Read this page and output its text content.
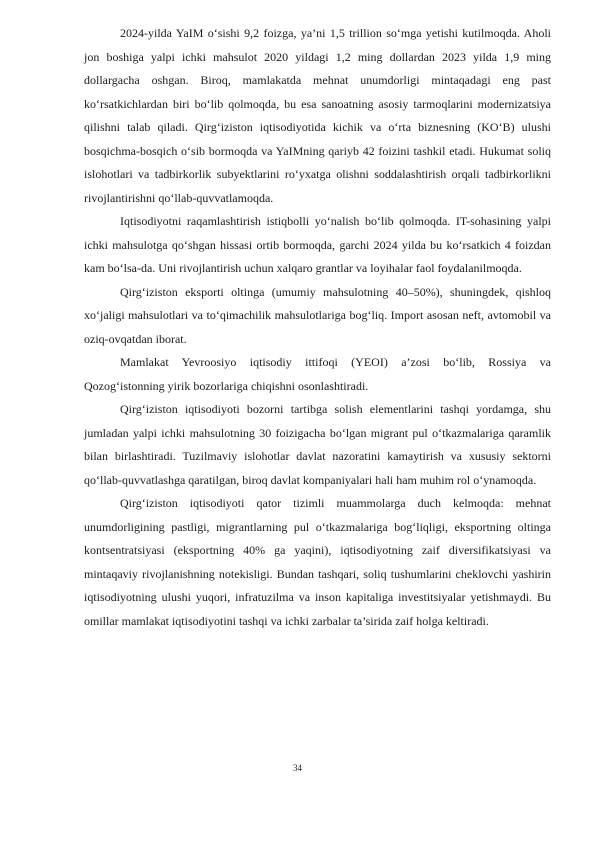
2024-yilda YaIM o‘sishi 9,2 foizga, ya’ni 1,5 trillion so‘mga yetishi kutilmoqda. Aholi jon boshiga yalpi ichki mahsulot 2020 yildagi 1,2 ming dollardan 2023 yilda 1,9 ming dollargacha oshgan. Biroq, mamlakatda mehnat unumdorligi mintaqadagi eng past ko‘rsatkichlardan biri bo‘lib qolmoqda, bu esa sanoatning asosiy tarmoqlarini modernizatsiya qilishni talab qiladi. Qirg‘iziston iqtisodiyotida kichik va o‘rta biznesning (KO‘B) ulushi bosqichma-bosqich o‘sib bormoqda va YaIMning qariyb 42 foizini tashkil etadi. Hukumat soliq islohotlari va tadbirkorlik subyektlarini ro‘yxatga olishni soddalashtirish orqali tadbirkorlikni rivojlantirishni qo‘llab-quvvatlamoqda.

Iqtisodiyotni raqamlashtirish istiqbolli yo‘nalish bo‘lib qolmoqda. IT-sohasining yalpi ichki mahsulotga qo‘shgan hissasi ortib bormoqda, garchi 2024 yilda bu ko‘rsatkich 4 foizdan kam bo‘lsa-da. Uni rivojlantirish uchun xalqaro grantlar va loyihalar faol foydalanilmoqda.

Qirg‘iziston eksporti oltinga (umumiy mahsulotning 40–50%), shuningdek, qishloq xo‘jaligi mahsulotlari va to‘qimachilik mahsulotlariga bog‘liq. Import asosan neft, avtomobil va oziq-ovqatdan iborat.

Mamlakat Yevroosiyo iqtisodiy ittifoqi (YEOI) a’zosi bo‘lib, Rossiya va Qozog‘istonning yirik bozorlariga chiqishni osonlashtiradi.

Qirg‘iziston iqtisodiyoti bozorni tartibga solish elementlarini tashqi yordamga, shu jumladan yalpi ichki mahsulotning 30 foizigacha bo‘lgan migrant pul o‘tkazmalariga qaramlik bilan birlashtiradi. Tuzilmaviy islohotlar davlat nazoratini kamaytirish va xususiy sektorni qo‘llab-quvvatlashga qaratilgan, biroq davlat kompaniyalari hali ham muhim rol o‘ynamoqda.

Qirg‘iziston iqtisodiyoti qator tizimli muammolarga duch kelmoqda: mehnat unumdorligining pastligi, migrantlarning pul o‘tkazmalariga bog‘liqligi, eksportning oltinga kontsentratsiyasi (eksportning 40% ga yaqini), iqtisodiyotning zaif diversifikatsiyasi va mintaqaviy rivojlanishning notekisligi. Bundan tashqari, soliq tushumlarini cheklovchi yashirin iqtisodiyotning ulushi yuqori, infratuzilma va inson kapitaliga investitsiyalar yetishmaydi. Bu omillar mamlakat iqtisodiyotini tashqi va ichki zarbalar ta’sirida zaif holga keltiradi.

34
